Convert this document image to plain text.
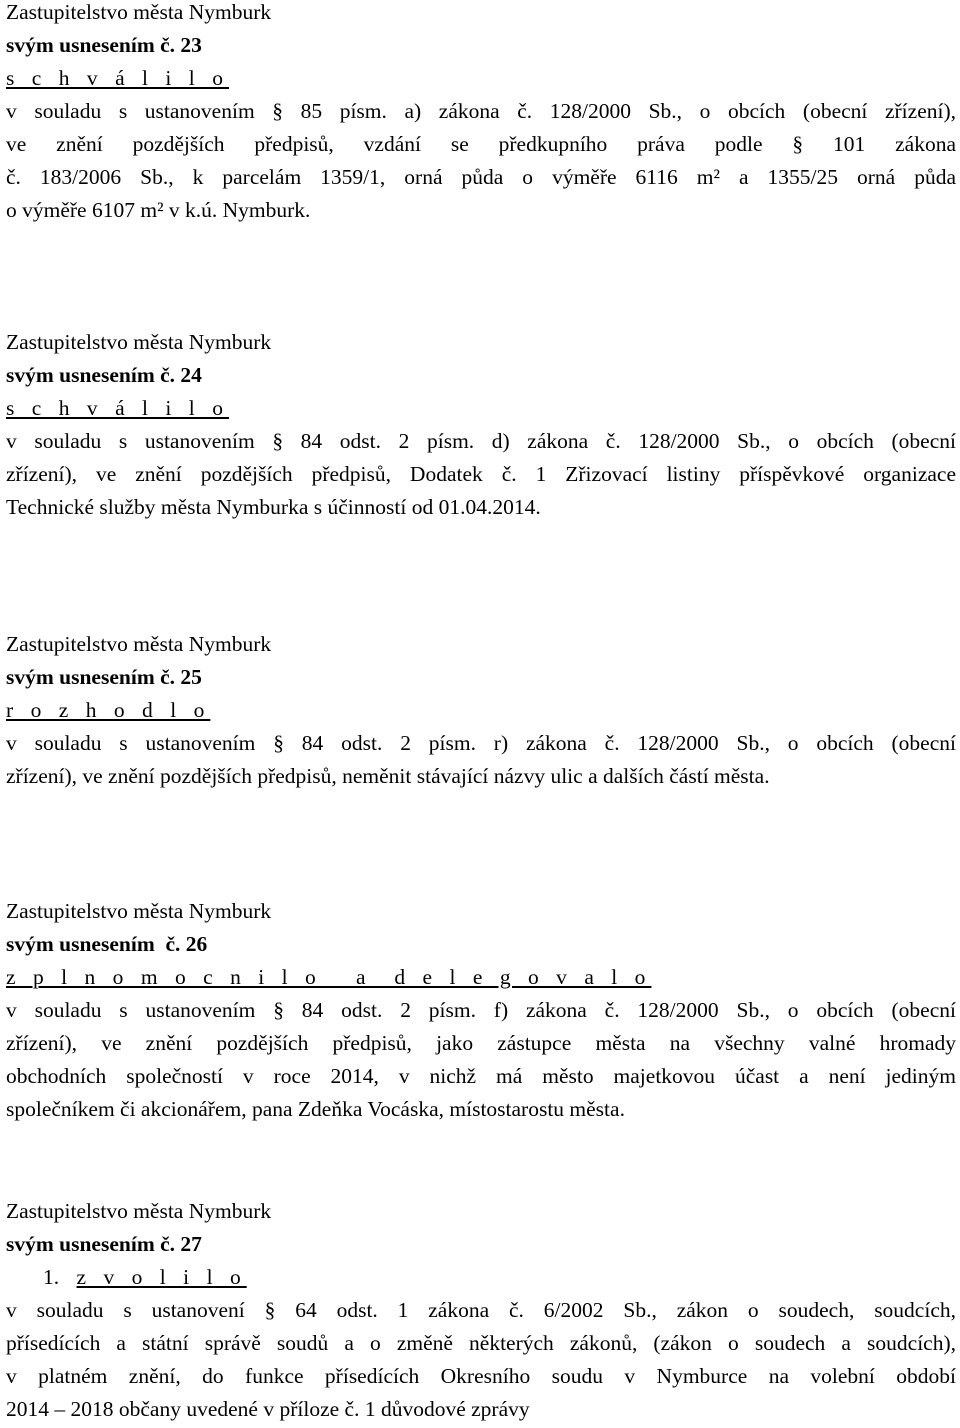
Zastupitelstvo města Nymburk
svým usnesením č. 23
s c h v á l i l o
v souladu s ustanovením § 85 písm. a) zákona č. 128/2000 Sb., o obcích (obecní zřízení),
ve znění pozdějších předpisů, vzdání se předkupního práva podle § 101 zákona
č. 183/2006 Sb., k parcelám 1359/1, orná půda o výměře 6116 m² a 1355/25 orná půda
o výměře 6107 m² v k.ú. Nymburk.
Zastupitelstvo města Nymburk
svým usnesením č. 24
s c h v á l i l o
v souladu s ustanovením § 84 odst. 2 písm. d) zákona č. 128/2000 Sb., o obcích (obecní
zřízení), ve znění pozdějších předpisů, Dodatek č. 1 Zřizovací listiny příspěvkové organizace
Technické služby města Nymburka s účinností od 01.04.2014.
Zastupitelstvo města Nymburk
svým usnesením č. 25
r o z h o d l o
v souladu s ustanovením § 84 odst. 2 písm. r) zákona č. 128/2000 Sb., o obcích (obecní
zřízení), ve znění pozdějších předpisů, neměnit stávající názvy ulic a dalších částí města.
Zastupitelstvo města Nymburk
svým usnesením  č. 26
z p l n o m o c n i l o   a  d e l e g o v a l o
v souladu s ustanovením § 84 odst. 2 písm. f) zákona č. 128/2000 Sb., o obcích (obecní
zřízení), ve znění pozdějších předpisů, jako zástupce města na všechny valné hromady
obchodních společností v roce 2014, v nichž má město majetkovou účast a není jediným
společníkem či akcionářem, pana Zdeňka Vocáska, místostarostu města.
Zastupitelstvo města Nymburk
svým usnesením č. 27
1. z v o l i l o
v souladu s ustanovení § 64 odst. 1 zákona č. 6/2002 Sb., zákon o soudech, soudcích,
přísedících a státní správě soudů a o změně některých zákonů, (zákon o soudech a soudcích),
v platném znění, do funkce přísedících Okresního soudu v Nymburce na volební období
2014 – 2018 občany uvedené v příloze č. 1 důvodové zprávy
